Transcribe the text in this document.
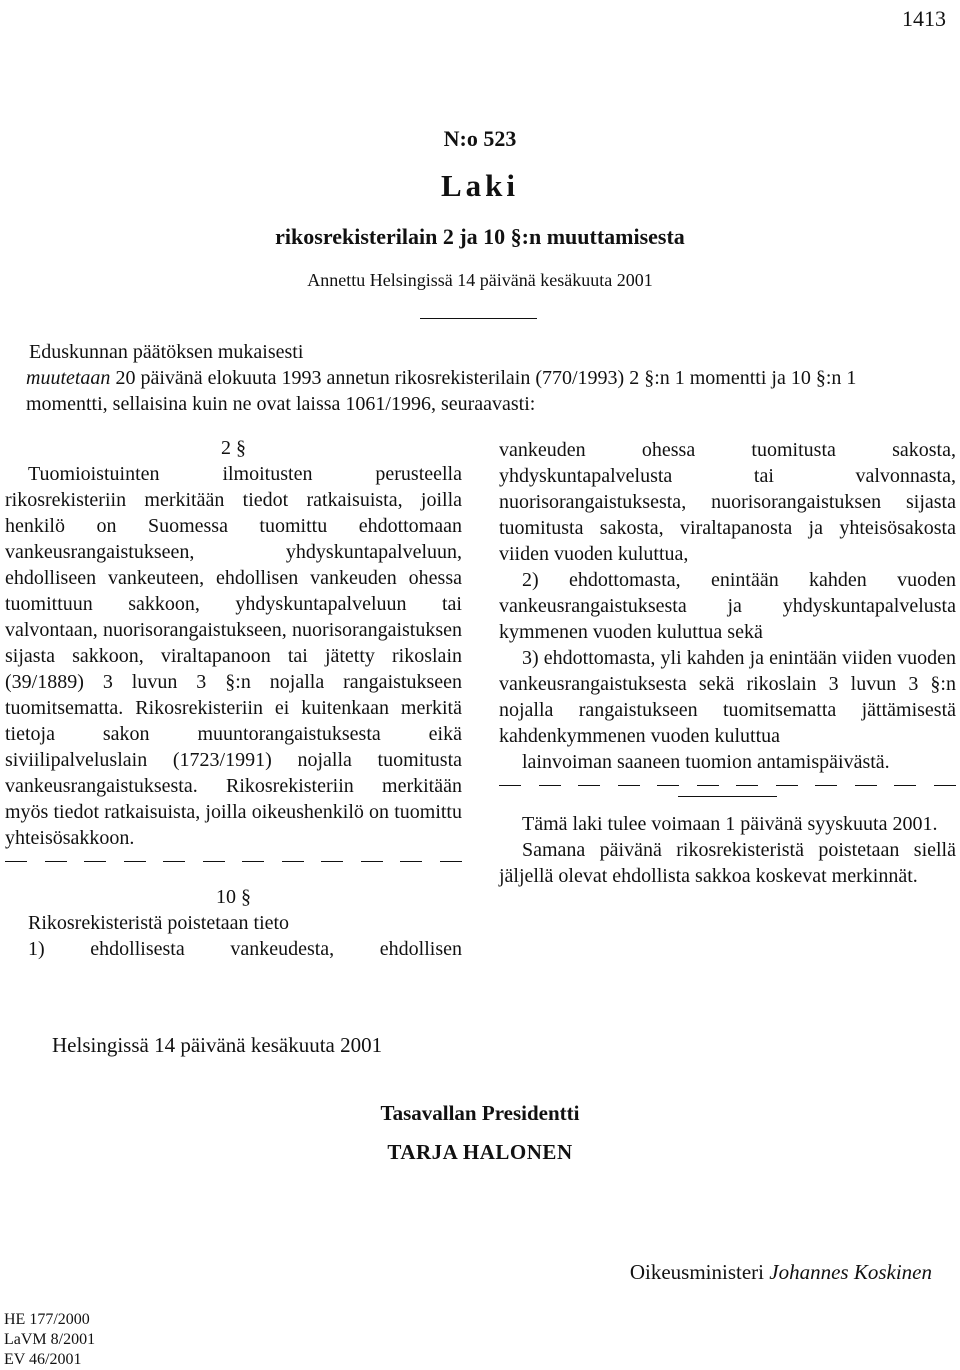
1413
N:o 523
Laki
rikosrekisterilain 2 ja 10 §:n muuttamisesta
Annettu Helsingissä 14 päivänä kesäkuuta 2001

Eduskunnan päätöksen mukaisesti

muutetaan 20 päivänä elokuuta 1993 annetun rikosrekisterilain (770/1993) 2 §:n 1 momentti ja 10 §:n 1 momentti, sellaisina kuin ne ovat laissa 1061/1996, seuraavasti:

2 §

Tuomioistuinten ilmoitusten perusteella rikosrekisteriin merkitään tiedot ratkaisuista, joilla henkilö on Suomessa tuomittu ehdottomaan vankeusrangaistukseen, yhdyskuntapalveluun, ehdolliseen vankeuteen, ehdollisen vankeuden ohessa tuomittuun sakkoon, yhdyskuntapalveluun tai valvontaan, nuorisorangaistukseen, nuorisorangaistuksen sijasta sakkoon, viraltapanoon tai jätetty rikoslain (39/1889) 3 luvun 3 §:n nojalla rangaistukseen tuomitsematta. Rikosrekisteriin ei kuitenkaan merkitä tietoja sakon muuntorangaistuksesta eikä siviilipalveluslain (1723/1991) nojalla tuomitusta vankeusrangaistuksesta. Rikosrekisteriin merkitään myös tiedot ratkaisuista, joilla oikeushenkilö on tuomittu yhteisösakkoon.

10 §

Rikosrekisteristä poistetaan tieto

1) ehdollisesta vankeudesta, ehdollisen

vankeuden ohessa tuomitusta sakosta, yhdyskuntapalvelusta tai valvonnasta, nuorisorangaistuksesta, nuorisorangaistuksen sijasta tuomitusta sakosta, viraltapanosta ja yhteisösakosta viiden vuoden kuluttua,

2) ehdottomasta, enintään kahden vuoden vankeusrangaistuksesta ja yhdyskuntapalvelusta kymmenen vuoden kuluttua sekä

3) ehdottomasta, yli kahden ja enintään viiden vuoden vankeusrangaistuksesta sekä rikoslain 3 luvun 3 §:n nojalla rangaistukseen tuomitsematta jättämisestä kahdenkymmenen vuoden kuluttua

lainvoiman saaneen tuomion antamispäivästä.

Tämä laki tulee voimaan 1 päivänä syyskuuta 2001.

Samana päivänä rikosrekisteristä poistetaan siellä jäljellä olevat ehdollista sakkoa koskevat merkinnät.

Helsingissä 14 päivänä kesäkuuta 2001
Tasavallan Presidentti
TARJA HALONEN
Oikeusministeri Johannes Koskinen
HE 177/2000
LaVM 8/2001
EV 46/2001
